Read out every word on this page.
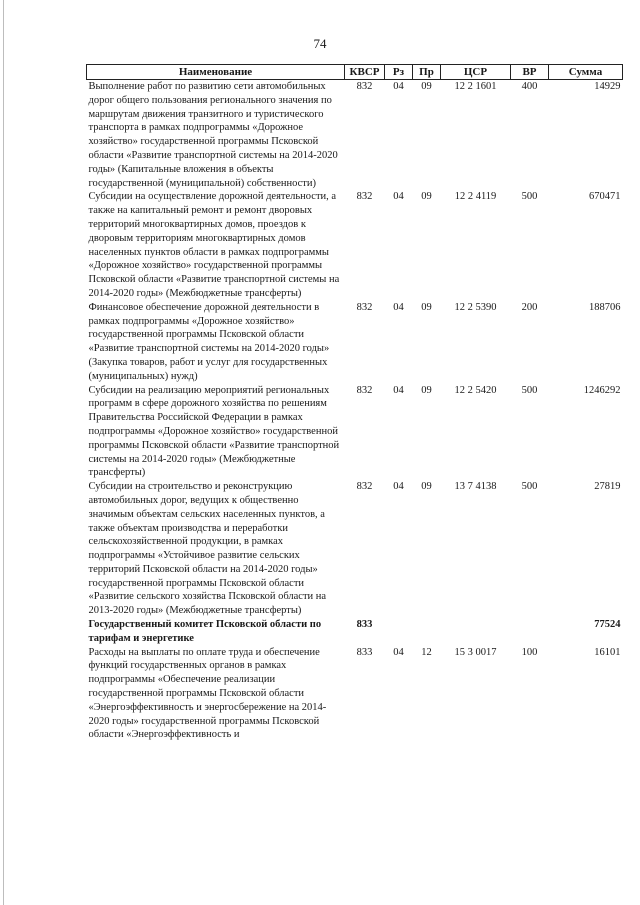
74
Наименование	КВСР	Рз	Пр	ЦСР	ВР	Сумма
Выполнение работ по развитию сети автомобильных дорог общего пользования регионального значения по маршрутам движения транзитного и туристического транспорта в рамках подпрограммы «Дорожное хозяйство» государственной программы Псковской области «Развитие транспортной системы на 2014-2020 годы» (Капитальные вложения в объекты государственной (муниципальной) собственности)	832	04	09	12 2 1601	400	14929
Субсидии на осуществление дорожной деятельности, а также на капитальный ремонт и ремонт дворовых территорий многоквартирных домов, проездов к дворовым территориям многоквартирных домов населенных пунктов области в рамках подпрограммы «Дорожное хозяйство» государственной программы Псковской области «Развитие транспортной системы на 2014-2020 годы» (Межбюджетные трансферты)	832	04	09	12 2 4119	500	670471
Финансовое обеспечение дорожной деятельности в рамках подпрограммы «Дорожное хозяйство» государственной программы Псковской области «Развитие транспортной системы на 2014-2020 годы» (Закупка товаров, работ и услуг для государственных (муниципальных) нужд)	832	04	09	12 2 5390	200	188706
Субсидии на реализацию мероприятий региональных программ в сфере дорожного хозяйства по решениям Правительства Российской Федерации в рамках подпрограммы «Дорожное хозяйство» государственной программы Псковской области «Развитие транспортной системы на 2014-2020 годы» (Межбюджетные трансферты)	832	04	09	12 2 5420	500	1246292
Субсидии на строительство и реконструкцию автомобильных дорог, ведущих к общественно значимым объектам сельских населенных пунктов, а также объектам производства и переработки сельскохозяйственной продукции, в рамках подпрограммы «Устойчивое развитие сельских территорий Псковской области на 2014-2020 годы» государственной программы Псковской области «Развитие сельского хозяйства Псковской области на 2013-2020 годы» (Межбюджетные трансферты)	832	04	09	13 7 4138	500	27819
Государственный комитет Псковской области по тарифам и энергетике	833					77524
Расходы на выплаты по оплате труда и обеспечение функций государственных органов в рамках подпрограммы «Обеспечение реализации государственной программы Псковской области «Энергоэффективность и энергосбережение на 2014-2020 годы» государственной программы Псковской области «Энергоэффективность и	833	04	12	15 3 0017	100	16101
